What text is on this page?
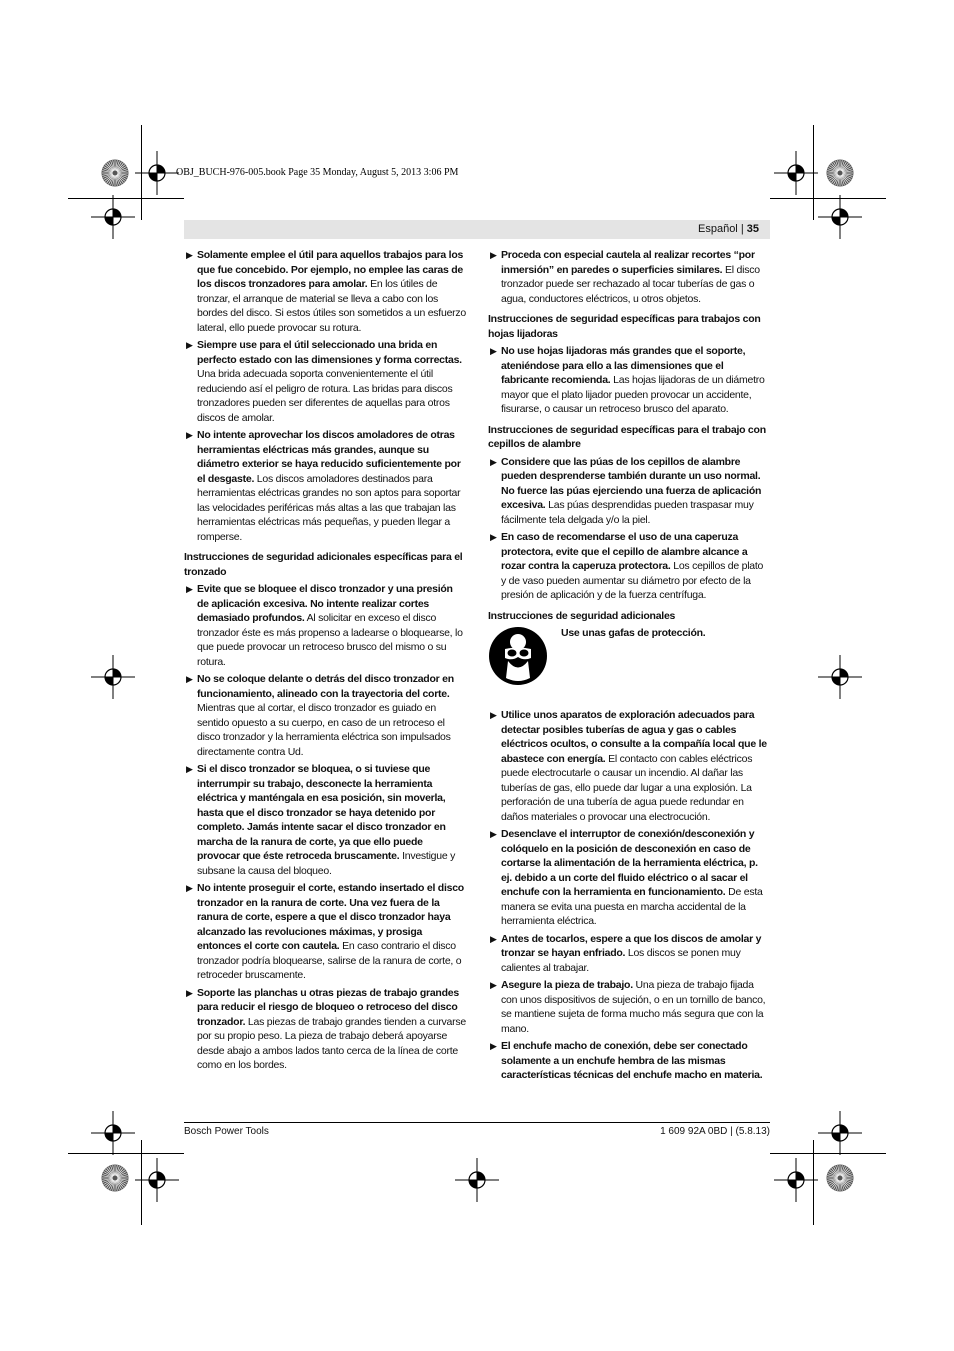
OBJ_BUCH-976-005.book Page 35 Monday, August 5, 2013 3:06 PM
Español | 35
▶ Solamente emplee el útil para aquellos trabajos para los que fue concebido. Por ejemplo, no emplee las caras de los discos tronzadores para amolar. En los útiles de tronzar, el arranque de material se lleva a cabo con los bordes del disco. Si estos útiles son sometidos a un esfuerzo lateral, ello puede provocar su rotura.
▶ Siempre use para el útil seleccionado una brida en perfecto estado con las dimensiones y forma correctas. Una brida adecuada soporta convenientemente el útil reduciendo así el peligro de rotura. Las bridas para discos tronzadores pueden ser diferentes de aquellas para otros discos de amolar.
▶ No intente aprovechar los discos amoladores de otras herramientas eléctricas más grandes, aunque su diámetro exterior se haya reducido suficientemente por el desgaste. Los discos amoladores destinados para herramientas eléctricas grandes no son aptos para soportar las velocidades periféricas más altas a las que trabajan las herramientas eléctricas más pequeñas, y pueden llegar a romperse.
Instrucciones de seguridad adicionales específicas para el tronzado
▶ Evite que se bloquee el disco tronzador y una presión de aplicación excesiva. No intente realizar cortes demasiado profundos. Al solicitar en exceso el disco tronzador éste es más propenso a ladearse o bloquearse, lo que puede provocar un retroceso brusco del mismo o su rotura.
▶ No se coloque delante o detrás del disco tronzador en funcionamiento, alineado con la trayectoria del corte. Mientras que al cortar, el disco tronzador es guiado en sentido opuesto a su cuerpo, en caso de un retroceso el disco tronzador y la herramienta eléctrica son impulsados directamente contra Ud.
▶ Si el disco tronzador se bloquea, o si tuviese que interrumpir su trabajo, desconecte la herramienta eléctrica y manténgala en esa posición, sin moverla, hasta que el disco tronzador se haya detenido por completo. Jamás intente sacar el disco tronzador en marcha de la ranura de corte, ya que ello puede provocar que éste retroceda bruscamente. Investigue y subsane la causa del bloqueo.
▶ No intente proseguir el corte, estando insertado el disco tronzador en la ranura de corte. Una vez fuera de la ranura de corte, espere a que el disco tronzador haya alcanzado las revoluciones máximas, y prosiga entonces el corte con cautela. En caso contrario el disco tronzador podría bloquearse, salirse de la ranura de corte, o retroceder bruscamente.
▶ Soporte las planchas u otras piezas de trabajo grandes para reducir el riesgo de bloqueo o retroceso del disco tronzador. Las piezas de trabajo grandes tienden a curvarse por su propio peso. La pieza de trabajo deberá apoyarse desde abajo a ambos lados tanto cerca de la línea de corte como en los bordes.
▶ Proceda con especial cautela al realizar recortes “por inmersión” en paredes o superficies similares. El disco tronzador puede ser rechazado al tocar tuberías de gas o agua, conductores eléctricos, u otros objetos.
Instrucciones de seguridad específicas para trabajos con hojas lijadoras
▶ No use hojas lijadoras más grandes que el soporte, ateniéndose para ello a las dimensiones que el fabricante recomienda. Las hojas lijadoras de un diámetro mayor que el plato lijador pueden provocar un accidente, fisurarse, o causar un retroceso brusco del aparato.
Instrucciones de seguridad específicas para el trabajo con cepillos de alambre
▶ Considere que las púas de los cepillos de alambre pueden desprenderse también durante un uso normal. No fuerce las púas ejerciendo una fuerza de aplicación excesiva. Las púas desprendidas pueden traspasar muy fácilmente tela delgada y/o la piel.
▶ En caso de recomendarse el uso de una caperuza protectora, evite que el cepillo de alambre alcance a rozar contra la caperuza protectora. Los cepillos de plato y de vaso pueden aumentar su diámetro por efecto de la presión de aplicación y de la fuerza centrífuga.
Instrucciones de seguridad adicionales
Use unas gafas de protección.
▶ Utilice unos aparatos de exploración adecuados para detectar posibles tuberías de agua y gas o cables eléctricos ocultos, o consulte a la compañía local que le abastece con energía. El contacto con cables eléctricos puede electrocutarle o causar un incendio. Al dañar las tuberías de gas, ello puede dar lugar a una explosión. La perforación de una tubería de agua puede redundar en daños materiales o provocar una electrocución.
▶ Desenclave el interruptor de conexión/desconexión y colóquelo en la posición de desconexión en caso de cortarse la alimentación de la herramienta eléctrica, p. ej. debido a un corte del fluido eléctrico o al sacar el enchufe con la herramienta en funcionamiento. De esta manera se evita una puesta en marcha accidental de la herramienta eléctrica.
▶ Antes de tocarlos, espere a que los discos de amolar y tronzar se hayan enfriado. Los discos se ponen muy calientes al trabajar.
▶ Asegure la pieza de trabajo. Una pieza de trabajo fijada con unos dispositivos de sujeción, o en un tornillo de banco, se mantiene sujeta de forma mucho más segura que con la mano.
▶ El enchufe macho de conexión, debe ser conectado solamente a un enchufe hembra de las mismas características técnicas del enchufe macho en materia.
Bosch Power Tools	1 609 92A 0BD | (5.8.13)
